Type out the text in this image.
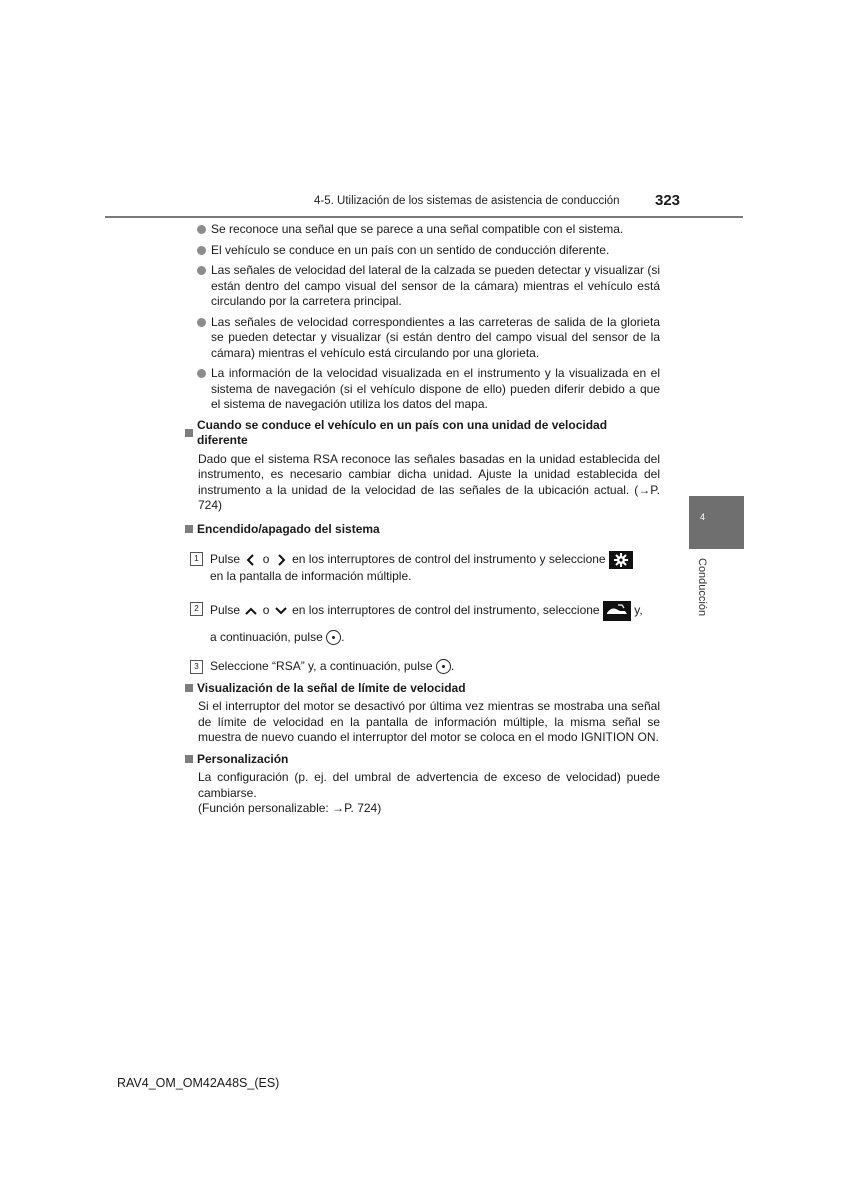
4-5. Utilización de los sistemas de asistencia de conducción 323
4
Conducción
Se reconoce una señal que se parece a una señal compatible con el sistema.
El vehículo se conduce en un país con un sentido de conducción diferente.
Las señales de velocidad del lateral de la calzada se pueden detectar y visualizar (si están dentro del campo visual del sensor de la cámara) mientras el vehículo está circulando por la carretera principal.
Las señales de velocidad correspondientes a las carreteras de salida de la glorieta se pueden detectar y visualizar (si están dentro del campo visual del sensor de la cámara) mientras el vehículo está circulando por una glorieta.
La información de la velocidad visualizada en el instrumento y la visualizada en el sistema de navegación (si el vehículo dispone de ello) pueden diferir debido a que el sistema de navegación utiliza los datos del mapa.
Cuando se conduce el vehículo en un país con una unidad de velocidad diferente
Dado que el sistema RSA reconoce las señales basadas en la unidad establecida del instrumento, es necesario cambiar dicha unidad. Ajuste la unidad establecida del instrumento a la unidad de la velocidad de las señales de la ubicación actual. (→P. 724)
Encendido/apagado del sistema
1 Pulse o en los interruptores de control del instrumento y seleccione
en la pantalla de información múltiple.
2 Pulse o en los interruptores de control del instrumento, seleccione	y,

a continuación, pulse .
3 Seleccione “RSA” y, a continuación, pulse .
Visualización de la señal de límite de velocidad
Si el interruptor del motor se desactivó por última vez mientras se mostraba una señal de límite de velocidad en la pantalla de información múltiple, la misma señal se muestra de nuevo cuando el interruptor del motor se coloca en el modo IGNITION ON.
Personalización
La configuración (p. ej. del umbral de advertencia de exceso de velocidad) puede cambiarse.
(Función personalizable: →P. 724)
RAV4_OM_OM42A48S_(ES)
